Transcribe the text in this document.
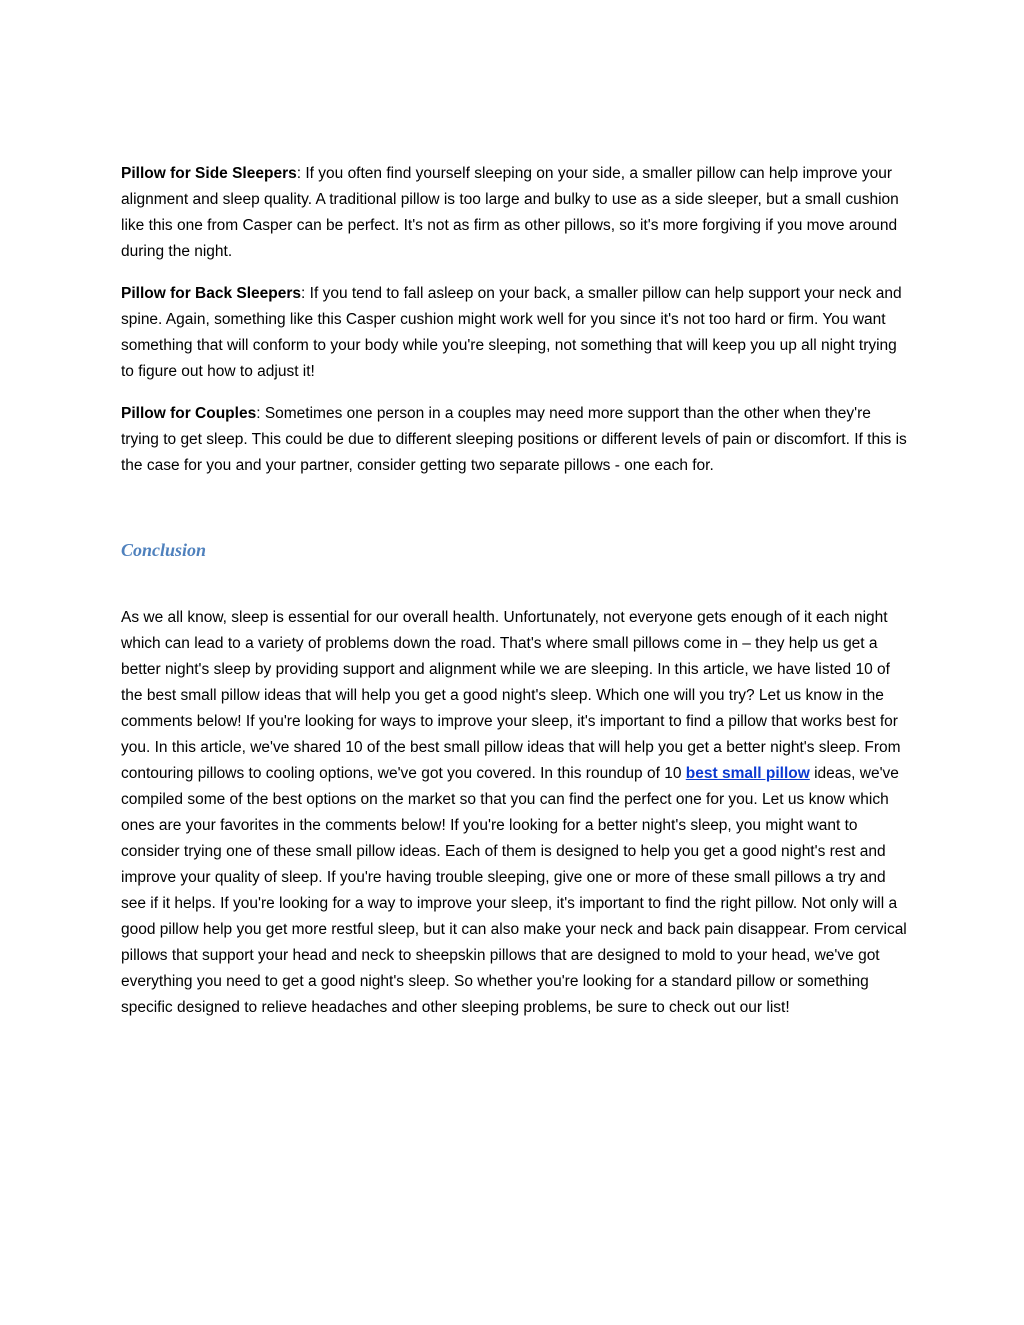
Pillow for Side Sleepers: If you often find yourself sleeping on your side, a smaller pillow can help improve your alignment and sleep quality. A traditional pillow is too large and bulky to use as a side sleeper, but a small cushion like this one from Casper can be perfect. It's not as firm as other pillows, so it's more forgiving if you move around during the night.

Pillow for Back Sleepers: If you tend to fall asleep on your back, a smaller pillow can help support your neck and spine. Again, something like this Casper cushion might work well for you since it's not too hard or firm. You want something that will conform to your body while you're sleeping, not something that will keep you up all night trying to figure out how to adjust it!

Pillow for Couples: Sometimes one person in a couples may need more support than the other when they're trying to get sleep. This could be due to different sleeping positions or different levels of pain or discomfort. If this is the case for you and your partner, consider getting two separate pillows - one each for.

Conclusion

As we all know, sleep is essential for our overall health. Unfortunately, not everyone gets enough of it each night which can lead to a variety of problems down the road. That's where small pillows come in – they help us get a better night's sleep by providing support and alignment while we are sleeping. In this article, we have listed 10 of the best small pillow ideas that will help you get a good night's sleep. Which one will you try? Let us know in the comments below! If you're looking for ways to improve your sleep, it's important to find a pillow that works best for you. In this article, we've shared 10 of the best small pillow ideas that will help you get a better night's sleep. From contouring pillows to cooling options, we've got you covered. In this roundup of 10 best small pillow ideas, we've compiled some of the best options on the market so that you can find the perfect one for you. Let us know which ones are your favorites in the comments below! If you're looking for a better night's sleep, you might want to consider trying one of these small pillow ideas. Each of them is designed to help you get a good night's rest and improve your quality of sleep. If you're having trouble sleeping, give one or more of these small pillows a try and see if it helps. If you're looking for a way to improve your sleep, it's important to find the right pillow. Not only will a good pillow help you get more restful sleep, but it can also make your neck and back pain disappear. From cervical pillows that support your head and neck to sheepskin pillows that are designed to mold to your head, we've got everything you need to get a good night's sleep. So whether you're looking for a standard pillow or something specific designed to relieve headaches and other sleeping problems, be sure to check out our list!
